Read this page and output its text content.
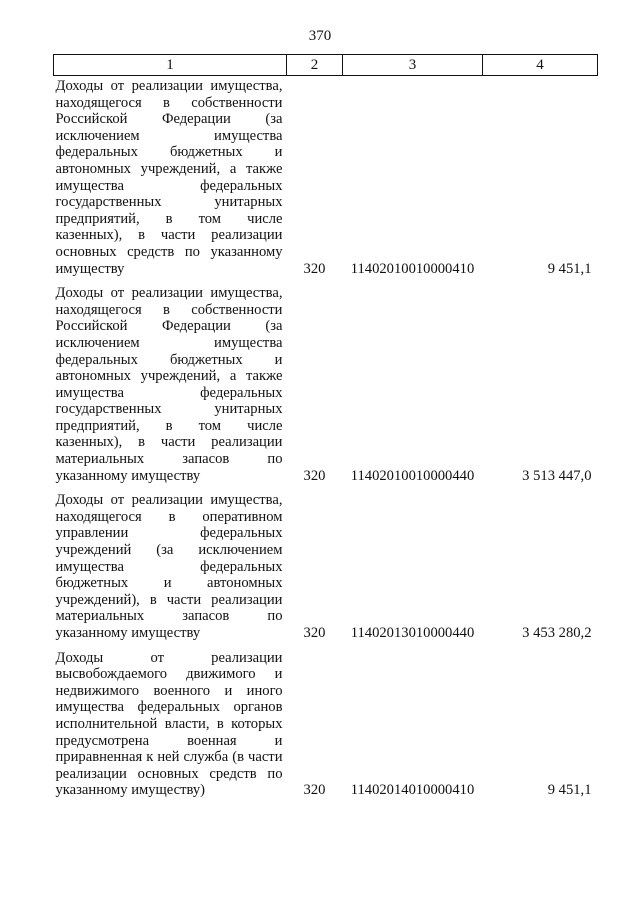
370
1	2	3	4
Доходы от реализации имущества, находящегося в собственности Российской Федерации (за исключением имущества федеральных бюджетных и автономных учреждений, а также имущества федеральных государственных унитарных предприятий, в том числе казенных), в части реализации основных средств по указанному имуществу	320	11402010010000410	9 451,1
Доходы от реализации имущества, находящегося в собственности Российской Федерации (за исключением имущества федеральных бюджетных и автономных учреждений, а также имущества федеральных государственных унитарных предприятий, в том числе казенных), в части реализации материальных запасов по указанному имуществу	320	11402010010000440	3 513 447,0
Доходы от реализации имущества, находящегося в оперативном управлении федеральных учреждений (за исключением имущества федеральных бюджетных и автономных учреждений), в части реализации материальных запасов по указанному имуществу	320	11402013010000440	3 453 280,2
Доходы от реализации высвобождаемого движимого и недвижимого военного и иного имущества федеральных органов исполнительной власти, в которых предусмотрена военная и приравненная к ней служба (в части реализации основных средств по указанному имуществу)	320	11402014010000410	9 451,1
